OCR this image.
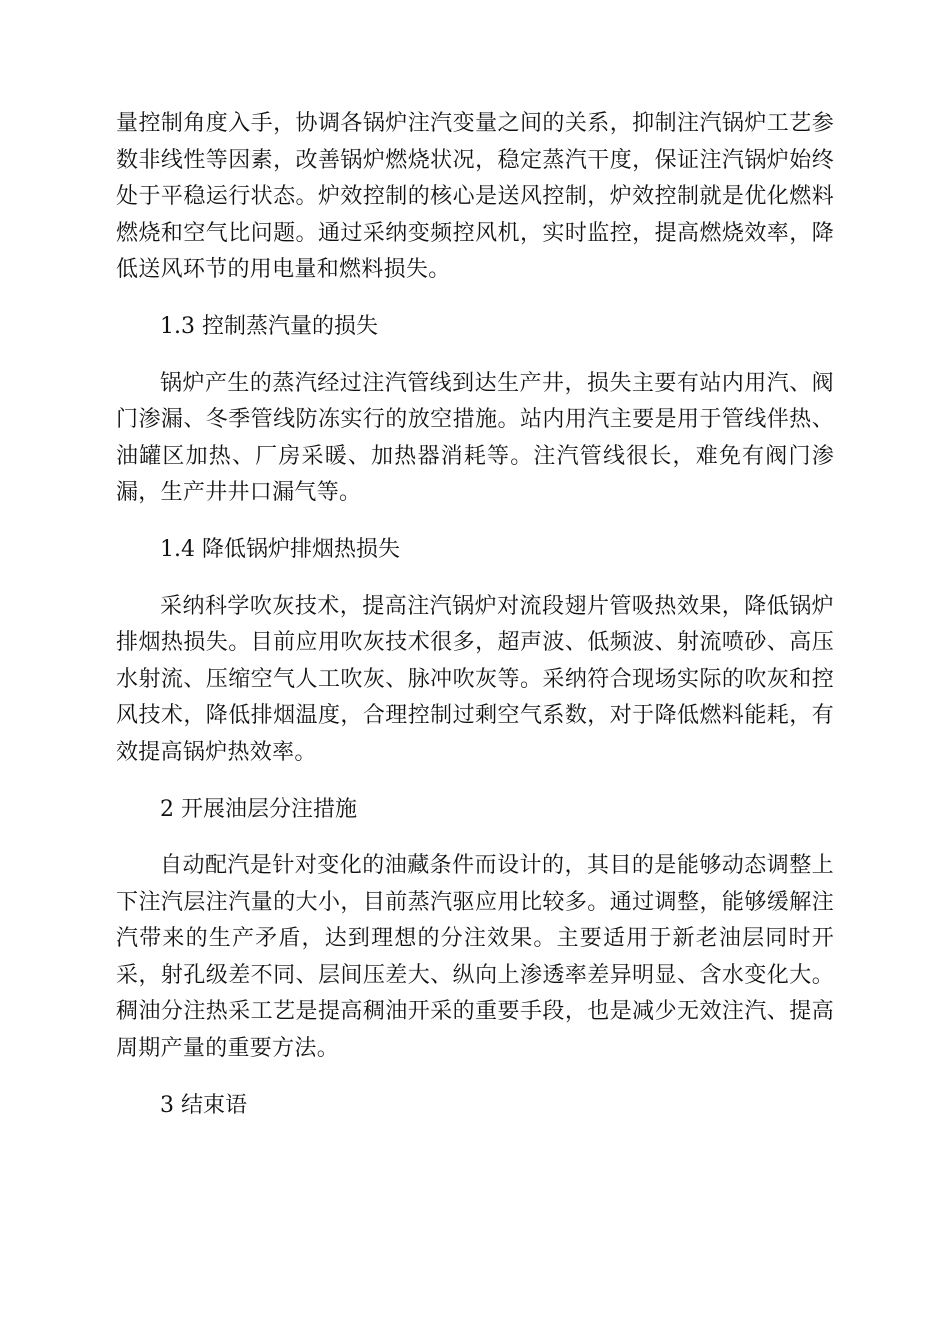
量控制角度入手，协调各锅炉注汽变量之间的关系，抑制注汽锅炉工艺参数非线性等因素，改善锅炉燃烧状况，稳定蒸汽干度，保证注汽锅炉始终处于平稳运行状态。炉效控制的核心是送风控制，炉效控制就是优化燃料燃烧和空气比问题。通过采纳变频控风机，实时监控，提高燃烧效率，降低送风环节的用电量和燃料损失。

1.3 控制蒸汽量的损失

锅炉产生的蒸汽经过注汽管线到达生产井，损失主要有站内用汽、阀门渗漏、冬季管线防冻实行的放空措施。站内用汽主要是用于管线伴热、油罐区加热、厂房采暖、加热器消耗等。注汽管线很长，难免有阀门渗漏，生产井井口漏气等。

1.4 降低锅炉排烟热损失

采纳科学吹灰技术，提高注汽锅炉对流段翅片管吸热效果，降低锅炉排烟热损失。目前应用吹灰技术很多，超声波、低频波、射流喷砂、高压水射流、压缩空气人工吹灰、脉冲吹灰等。采纳符合现场实际的吹灰和控风技术，降低排烟温度，合理控制过剩空气系数，对于降低燃料能耗，有效提高锅炉热效率。

2 开展油层分注措施

自动配汽是针对变化的油藏条件而设计的，其目的是能够动态调整上下注汽层注汽量的大小，目前蒸汽驱应用比较多。通过调整，能够缓解注汽带来的生产矛盾，达到理想的分注效果。主要适用于新老油层同时开采，射孔级差不同、层间压差大、纵向上渗透率差异明显、含水变化大。稠油分注热采工艺是提高稠油开采的重要手段，也是减少无效注汽、提高周期产量的重要方法。

3 结束语
